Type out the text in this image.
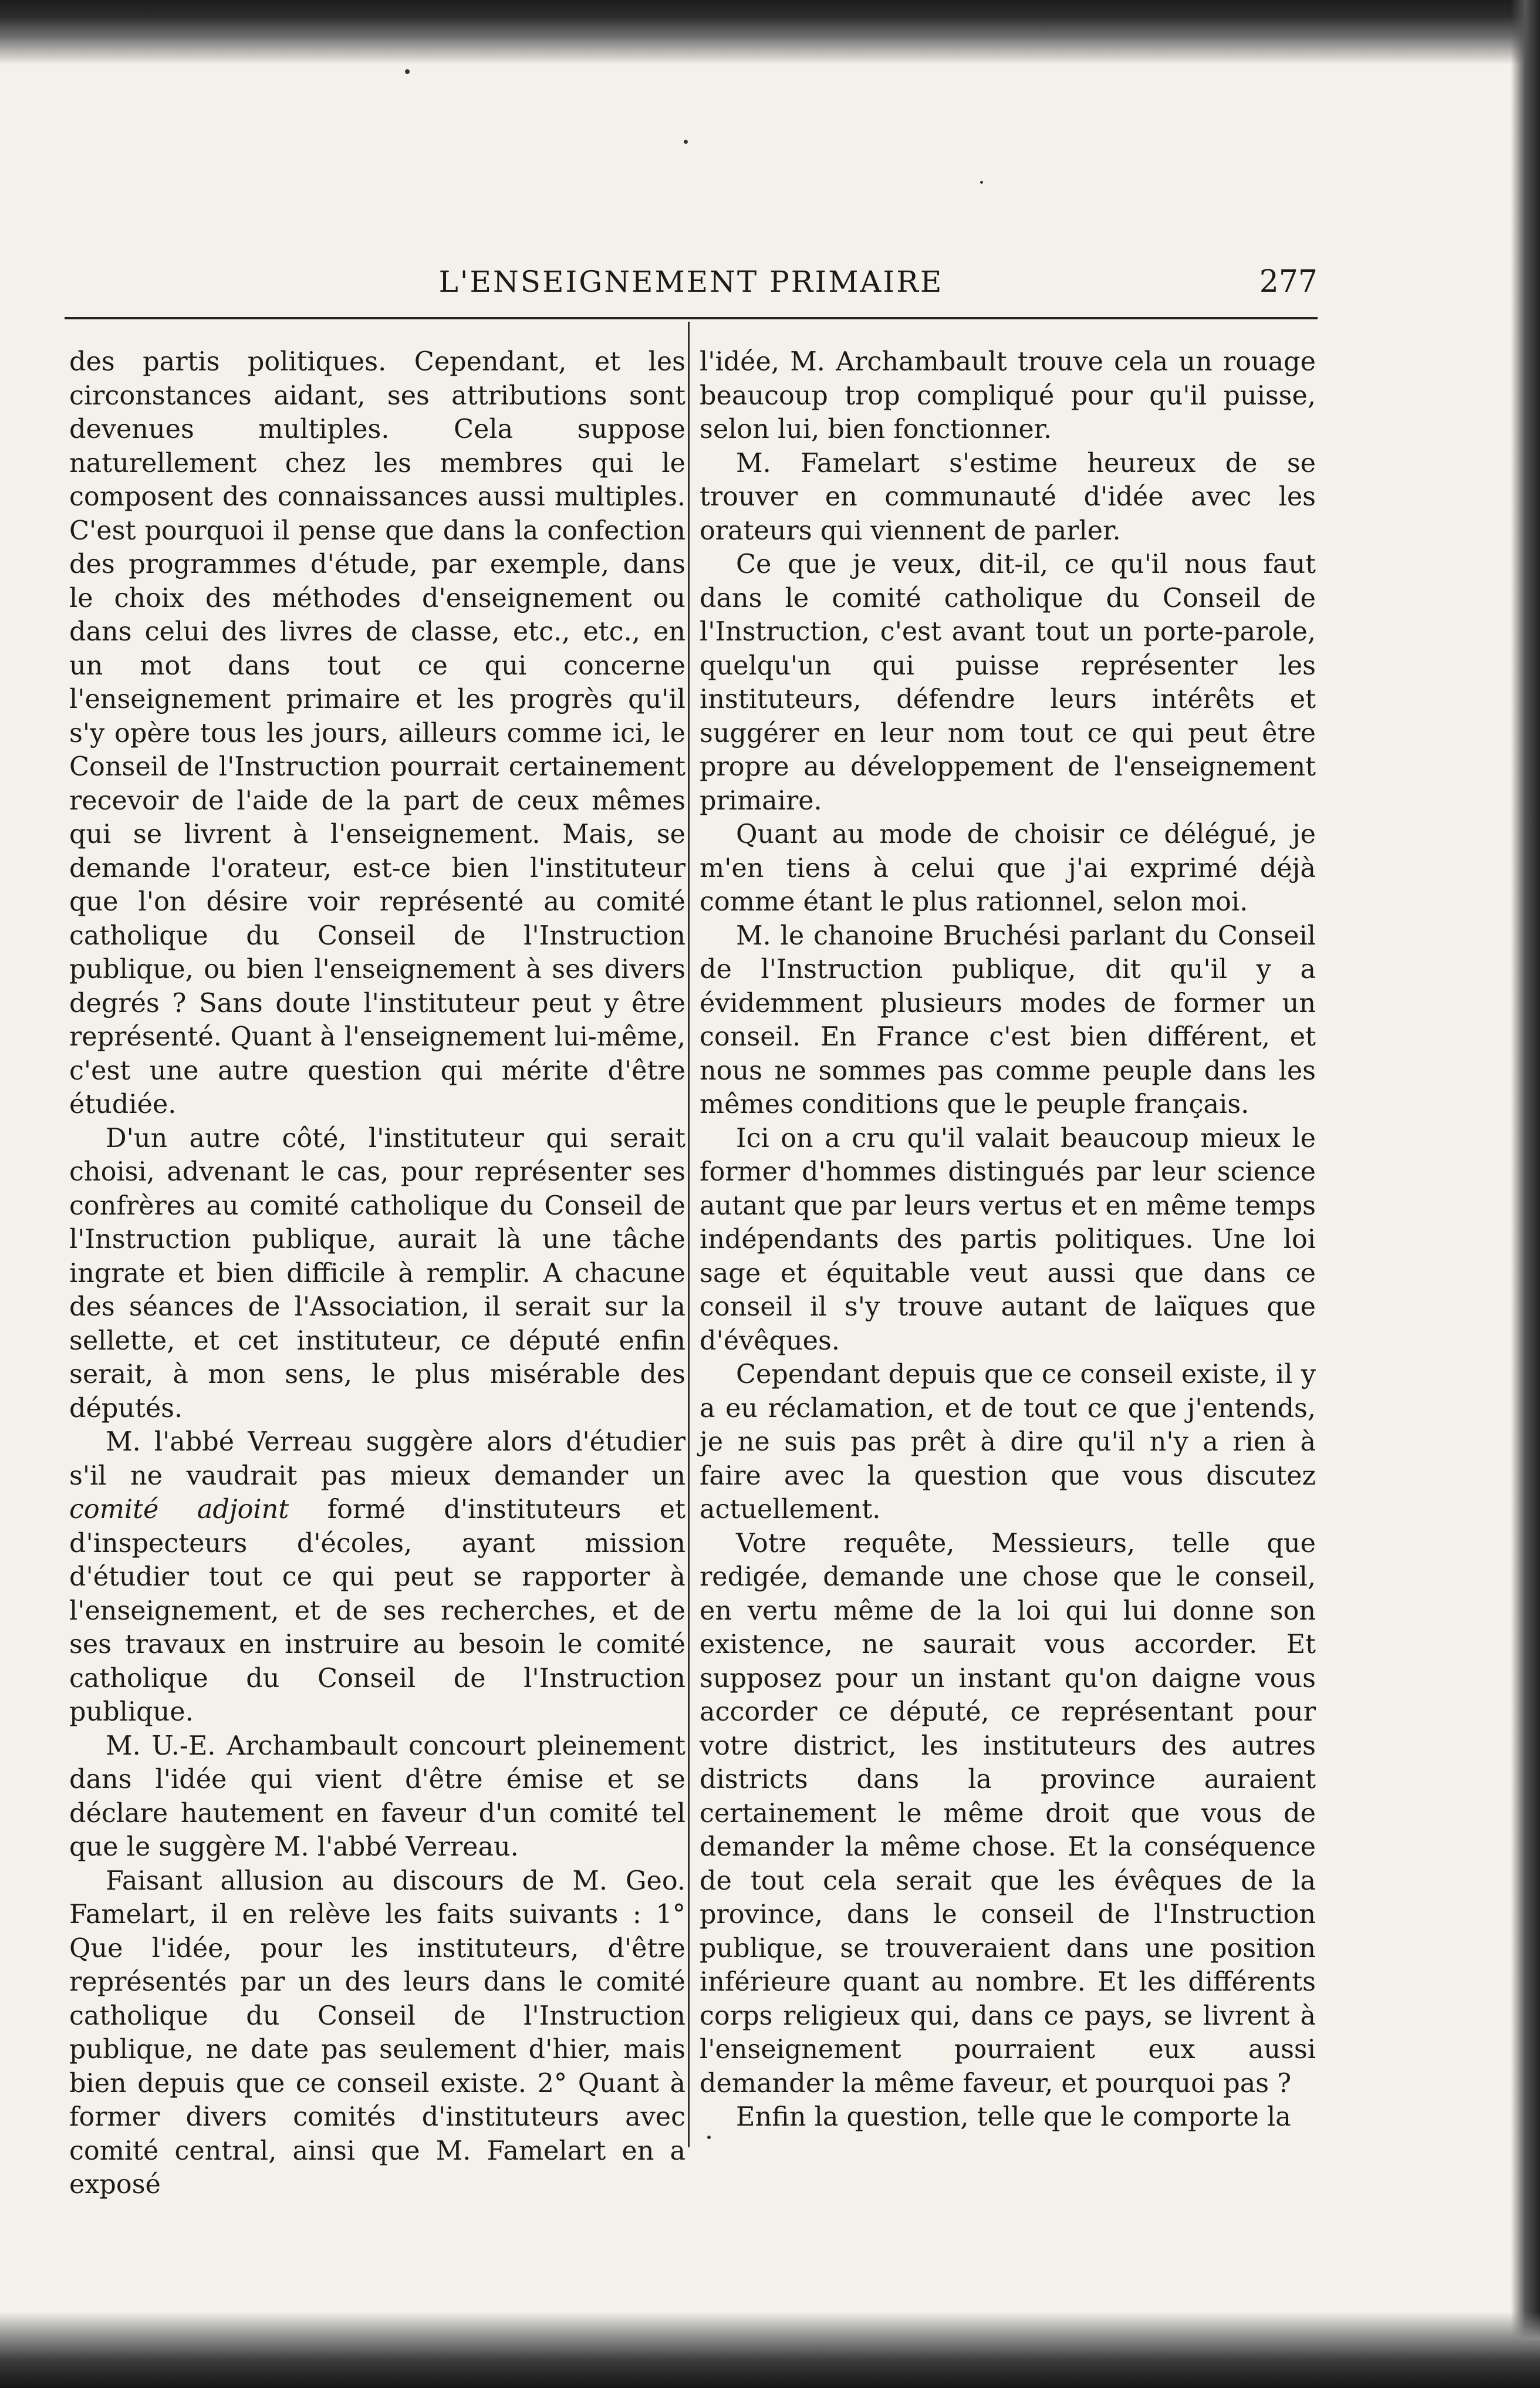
L'ENSEIGNEMENT PRIMAIRE	277

des partis politiques. Cependant, et les circonstances aidant, ses attributions sont devenues multiples. Cela suppose naturellement chez les membres qui le composent des connaissances aussi multiples. C'est pourquoi il pense que dans la confection des programmes d'étude, par exemple, dans le choix des méthodes d'enseignement ou dans celui des livres de classe, etc., etc., en un mot dans tout ce qui concerne l'enseignement primaire et les progrès qu'il s'y opère tous les jours, ailleurs comme ici, le Conseil de l'Instruction pourrait certainement recevoir de l'aide de la part de ceux mêmes qui se livrent à l'enseignement. Mais, se demande l'orateur, est-ce bien l'instituteur que l'on désire voir représenté au comité catholique du Conseil de l'Instruction publique, ou bien l'enseignement à ses divers degrés ? Sans doute l'instituteur peut y être représenté. Quant à l'enseignement lui-même, c'est une autre question qui mérite d'être étudiée.

D'un autre côté, l'instituteur qui serait choisi, advenant le cas, pour représenter ses confrères au comité catholique du Conseil de l'Instruction publique, aurait là une tâche ingrate et bien difficile à remplir. A chacune des séances de l'Association, il serait sur la sellette, et cet instituteur, ce député enfin serait, à mon sens, le plus misérable des députés.

M. l'abbé Verreau suggère alors d'étudier s'il ne vaudrait pas mieux demander un comité adjoint formé d'instituteurs et d'inspecteurs d'écoles, ayant mission d'étudier tout ce qui peut se rapporter à l'enseignement, et de ses recherches, et de ses travaux en instruire au besoin le comité catholique du Conseil de l'Instruction publique.

M. U.-E. Archambault concourt pleinement dans l'idée qui vient d'être émise et se déclare hautement en faveur d'un comité tel que le suggère M. l'abbé Verreau.

Faisant allusion au discours de M. Geo. Famelart, il en relève les faits suivants : 1° Que l'idée, pour les instituteurs, d'être représentés par un des leurs dans le comité catholique du Conseil de l'Instruction publique, ne date pas seulement d'hier, mais bien depuis que ce conseil existe. 2° Quant à former divers comités d'instituteurs avec comité central, ainsi que M. Famelart en a exposé

l'idée, M. Archambault trouve cela un rouage beaucoup trop compliqué pour qu'il puisse, selon lui, bien fonctionner.

M. Famelart s'estime heureux de se trouver en communauté d'idée avec les orateurs qui viennent de parler.

Ce que je veux, dit-il, ce qu'il nous faut dans le comité catholique du Conseil de l'Instruction, c'est avant tout un porte-parole, quelqu'un qui puisse représenter les instituteurs, défendre leurs intérêts et suggérer en leur nom tout ce qui peut être propre au développement de l'enseignement primaire.

Quant au mode de choisir ce délégué, je m'en tiens à celui que j'ai exprimé déjà comme étant le plus rationnel, selon moi.

M. le chanoine Bruchési parlant du Conseil de l'Instruction publique, dit qu'il y a évidemment plusieurs modes de former un conseil. En France c'est bien différent, et nous ne sommes pas comme peuple dans les mêmes conditions que le peuple français.

Ici on a cru qu'il valait beaucoup mieux le former d'hommes distingués par leur science autant que par leurs vertus et en même temps indépendants des partis politiques. Une loi sage et équitable veut aussi que dans ce conseil il s'y trouve autant de laïques que d'évêques.

Cependant depuis que ce conseil existe, il y a eu réclamation, et de tout ce que j'entends, je ne suis pas prêt à dire qu'il n'y a rien à faire avec la question que vous discutez actuellement.

Votre requête, Messieurs, telle que redigée, demande une chose que le conseil, en vertu même de la loi qui lui donne son existence, ne saurait vous accorder. Et supposez pour un instant qu'on daigne vous accorder ce député, ce représentant pour votre district, les instituteurs des autres districts dans la province auraient certainement le même droit que vous de demander la même chose. Et la conséquence de tout cela serait que les évêques de la province, dans le conseil de l'Instruction publique, se trouveraient dans une position inférieure quant au nombre. Et les différents corps religieux qui, dans ce pays, se livrent à l'enseignement pourraient eux aussi demander la même faveur, et pourquoi pas ?

Enfin la question, telle que le comporte la
